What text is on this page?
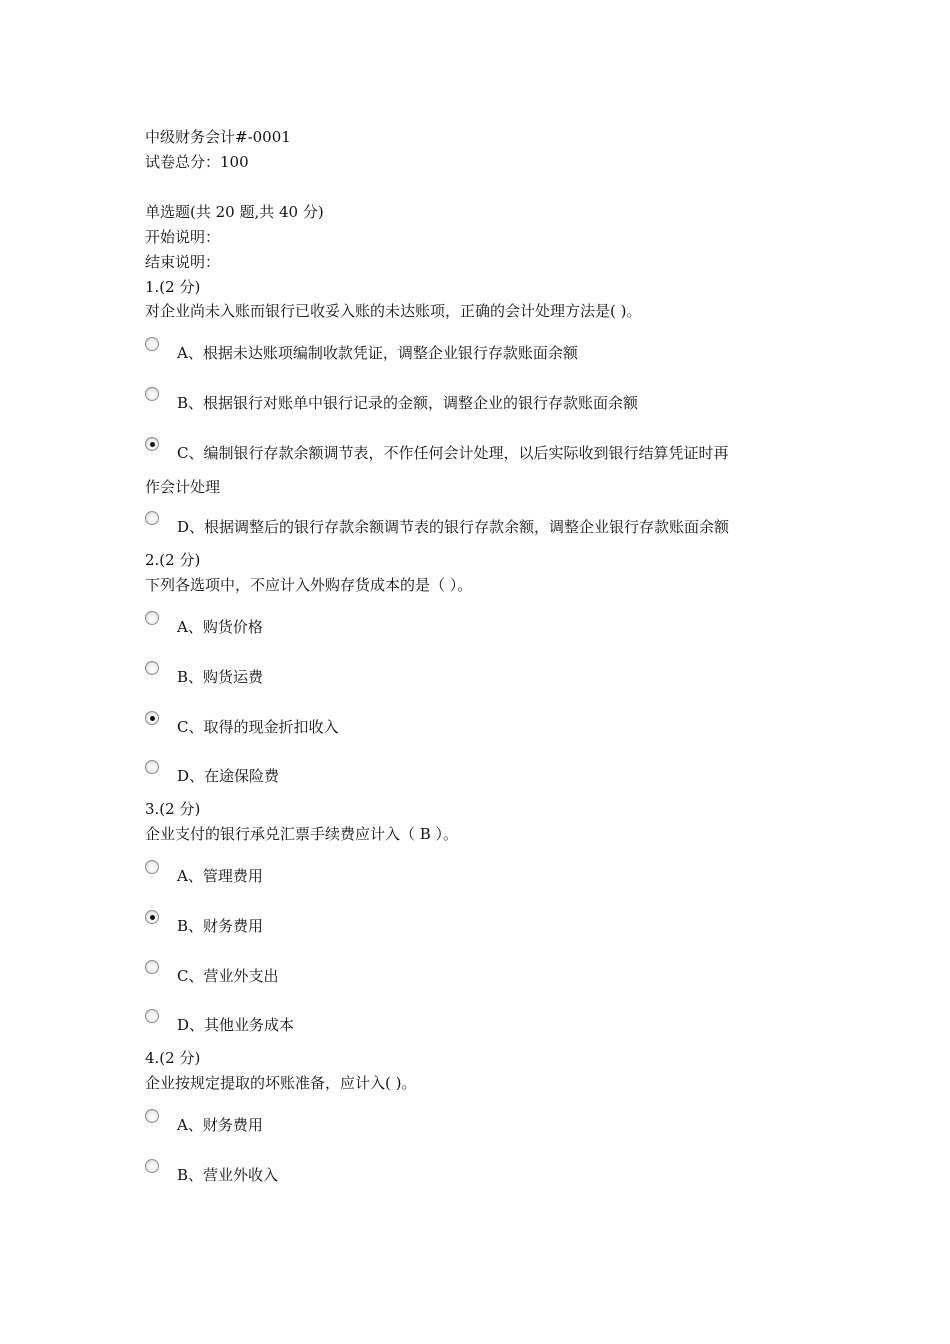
中级财务会计#-0001
试卷总分：100
单选题(共 20 题,共 40 分)
开始说明：
结束说明：
1.(2 分)
对企业尚未入账而银行已收妥入账的未达账项，正确的会计处理方法是( )。
A、根据未达账项编制收款凭证，调整企业银行存款账面余额
B、根据银行对账单中银行记录的金额，调整企业的银行存款账面余额
C、编制银行存款余额调节表，不作任何会计处理，以后实际收到银行结算凭证时再
作会计处理
D、根据调整后的银行存款余额调节表的银行存款余额，调整企业银行存款账面余额
2.(2 分)
下列各选项中，不应计入外购存货成本的是（ ）。
A、购货价格
B、购货运费
C、取得的现金折扣收入
D、在途保险费
3.(2 分)
企业支付的银行承兑汇票手续费应计入（ B ）。
A、管理费用
B、财务费用
C、营业外支出
D、其他业务成本
4.(2 分)
企业按规定提取的坏账准备，应计入( )。
A、财务费用
B、营业外收入
